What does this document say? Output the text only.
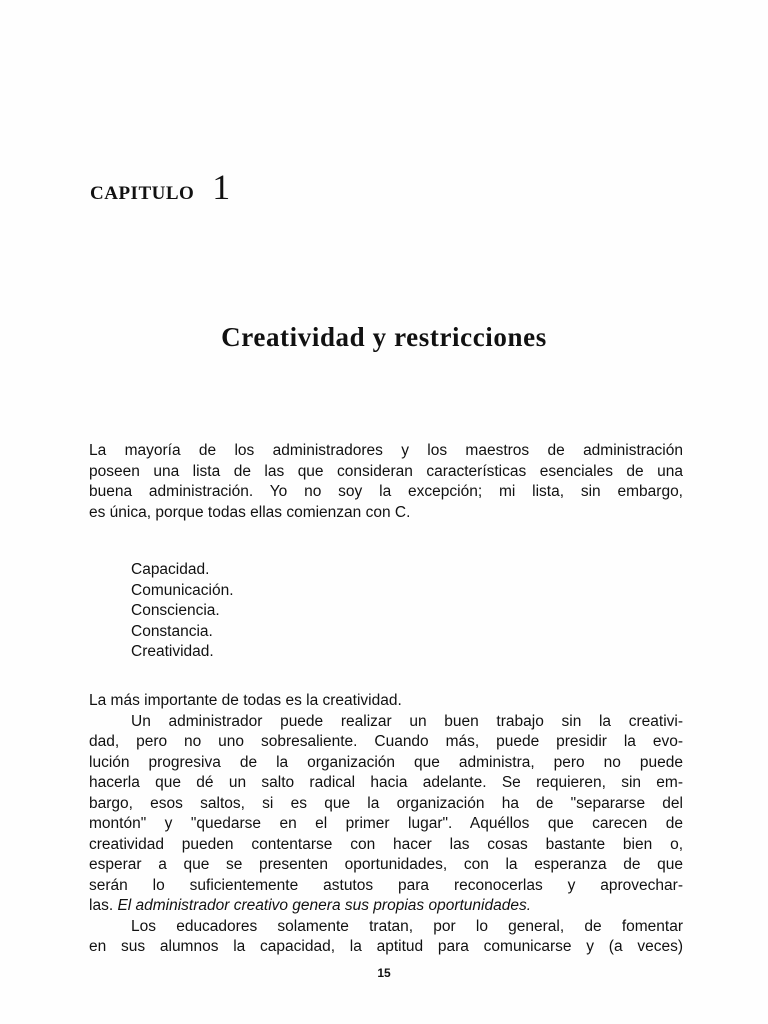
CAPITULO 1
Creatividad y restricciones
La mayoría de los administradores y los maestros de administración
poseen una lista de las que consideran características esenciales de una
buena administración. Yo no soy la excepción; mi lista, sin embargo,
es única, porque todas ellas comienzan con C.
Capacidad.
Comunicación.
Consciencia.
Constancia.
Creatividad.
La más importante de todas es la creatividad.
Un administrador puede realizar un buen trabajo sin la creativi-
dad, pero no uno sobresaliente. Cuando más, puede presidir la evo-
lución progresiva de la organización que administra, pero no puede
hacerla que dé un salto radical hacia adelante. Se requieren, sin em-
bargo, esos saltos, si es que la organización ha de "separarse del
montón" y "quedarse en el primer lugar". Aquéllos que carecen de
creatividad pueden contentarse con hacer las cosas bastante bien o,
esperar a que se presenten oportunidades, con la esperanza de que
serán lo suficientemente astutos para reconocerlas y aprovechar-
las. El administrador creativo genera sus propias oportunidades.
Los educadores solamente tratan, por lo general, de fomentar
en sus alumnos la capacidad, la aptitud para comunicarse y (a veces)
15
